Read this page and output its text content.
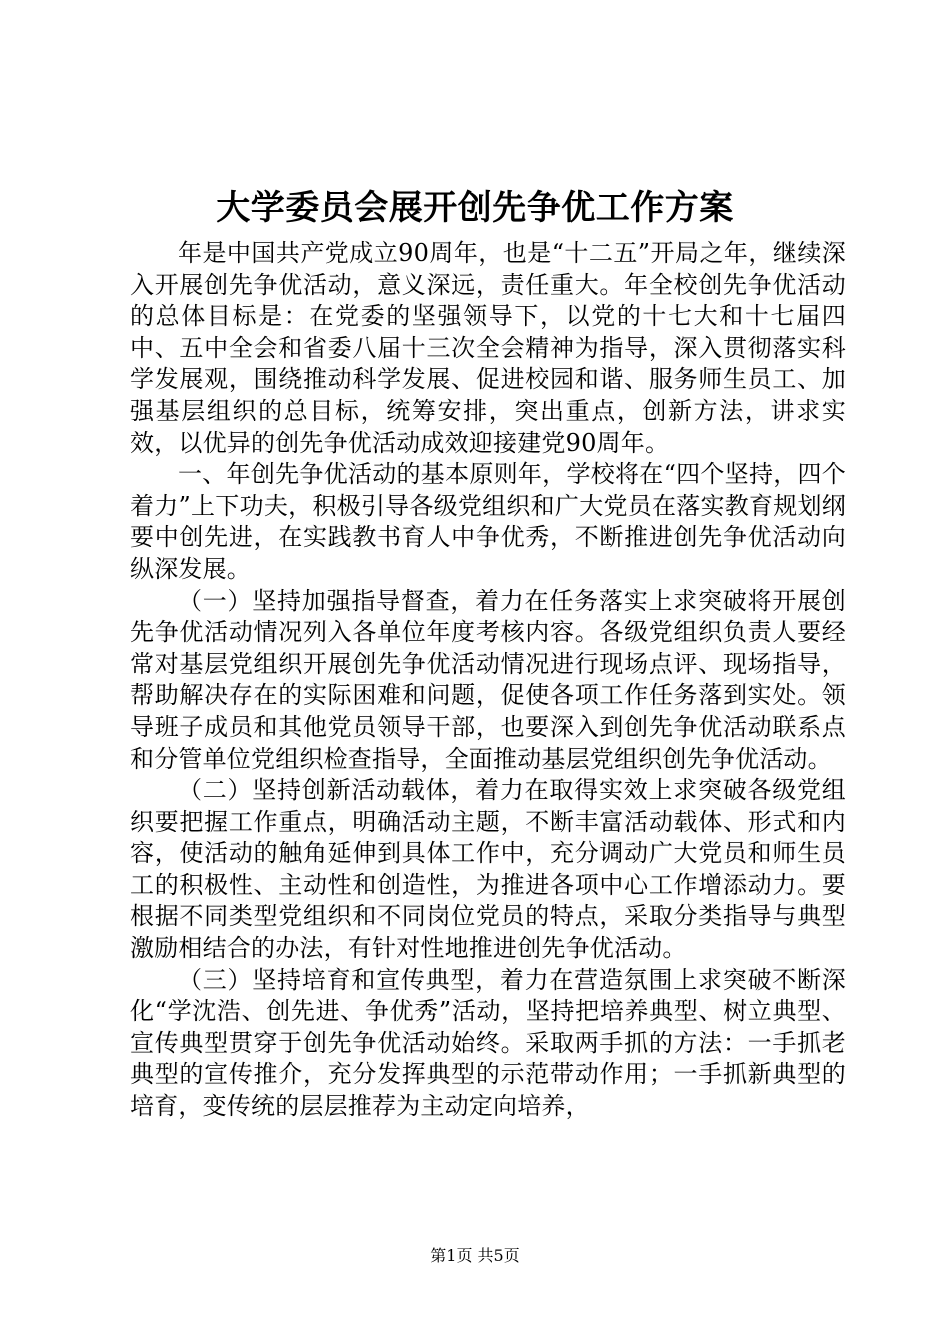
大学委员会展开创先争优工作方案

年是中国共产党成立90周年，也是“十二五”开局之年，继续深入开展创先争优活动，意义深远，责任重大。年全校创先争优活动的总体目标是：在党委的坚强领导下，以党的十七大和十七届四中、五中全会和省委八届十三次全会精神为指导，深入贯彻落实科学发展观，围绕推动科学发展、促进校园和谐、服务师生员工、加强基层组织的总目标，统筹安排，突出重点，创新方法，讲求实效，以优异的创先争优活动成效迎接建党90周年。

一、年创先争优活动的基本原则年，学校将在“四个坚持，四个着力”上下功夫，积极引导各级党组织和广大党员在落实教育规划纲要中创先进，在实践教书育人中争优秀，不断推进创先争优活动向纵深发展。

（一）坚持加强指导督查，着力在任务落实上求突破将开展创先争优活动情况列入各单位年度考核内容。各级党组织负责人要经常对基层党组织开展创先争优活动情况进行现场点评、现场指导，帮助解决存在的实际困难和问题，促使各项工作任务落到实处。领导班子成员和其他党员领导干部，也要深入到创先争优活动联系点和分管单位党组织检查指导，全面推动基层党组织创先争优活动。

（二）坚持创新活动载体，着力在取得实效上求突破各级党组织要把握工作重点，明确活动主题，不断丰富活动载体、形式和内容，使活动的触角延伸到具体工作中，充分调动广大党员和师生员工的积极性、主动性和创造性，为推进各项中心工作增添动力。要根据不同类型党组织和不同岗位党员的特点，采取分类指导与典型激励相结合的办法，有针对性地推进创先争优活动。

（三）坚持培育和宣传典型，着力在营造氛围上求突破不断深化“学沈浩、创先进、争优秀”活动，坚持把培养典型、树立典型、宣传典型贯穿于创先争优活动始终。采取两手抓的方法：一手抓老典型的宣传推介，充分发挥典型的示范带动作用；一手抓新典型的培育，变传统的层层推荐为主动定向培养，

第1页 共5页
